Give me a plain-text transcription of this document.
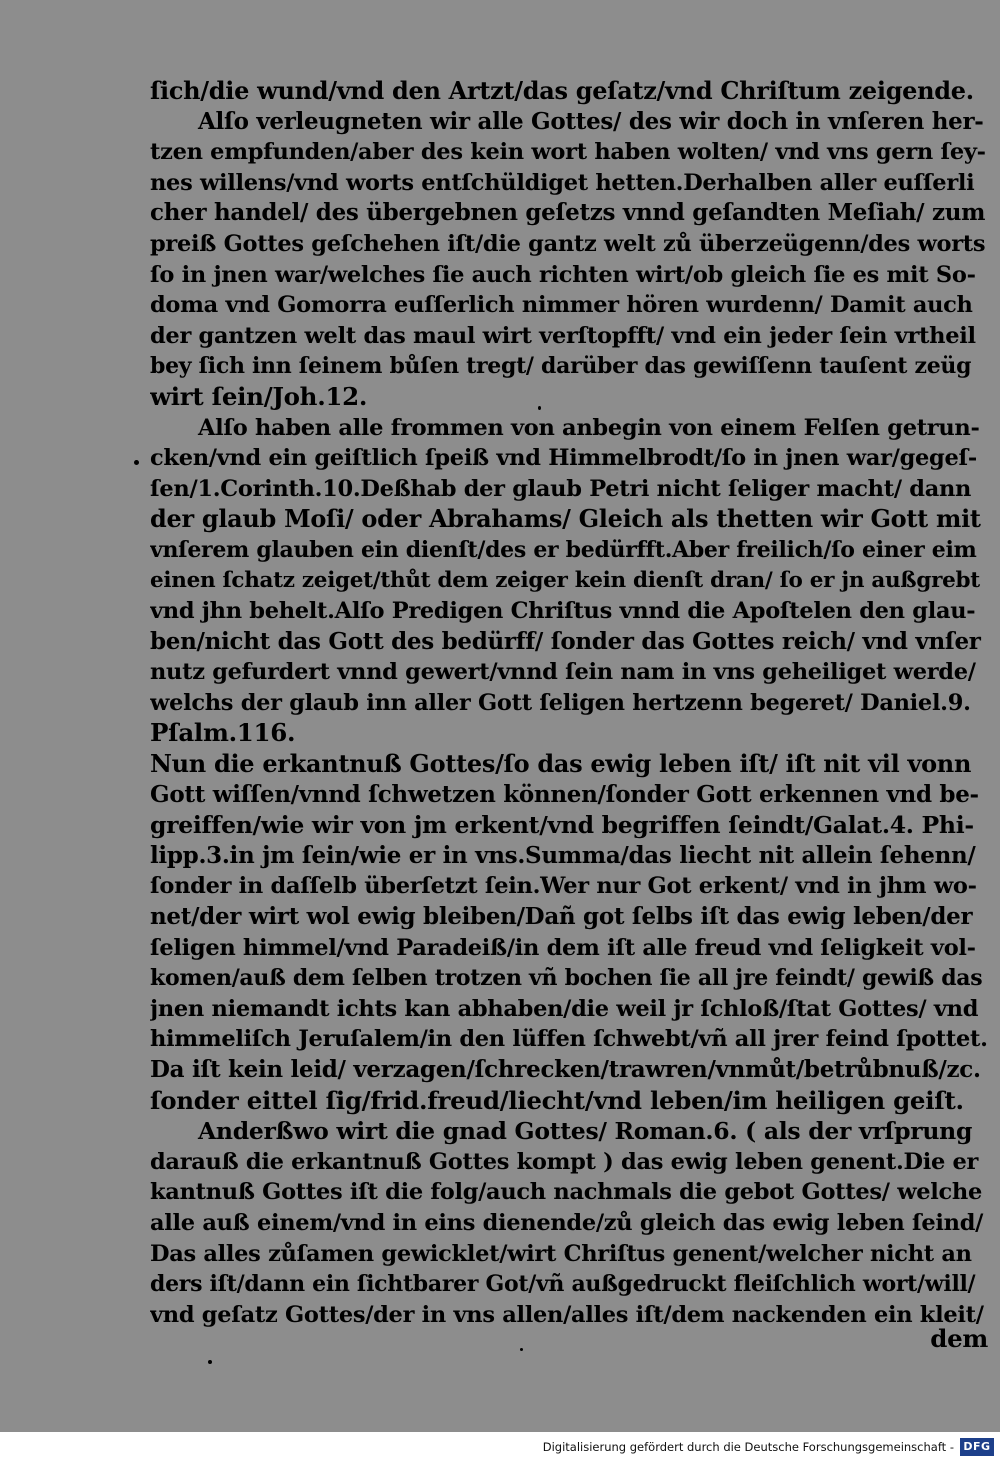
ſich/die wund/vnd den Artzt/das geſatz/vnd Chriſtum zeigende.
Alſo verleugneten wir alle Gottes/ des wir doch in vnſeren her-
tzen empfunden/aber des kein wort haben wolten/ vnd vns gern ſey-
nes willens/vnd worts entſchüldiget hetten.Derhalben aller euſſerli
cher handel/ des übergebnen geſetzs vnnd geſandten Meſiah/ zum
preiß Gottes geſchehen iſt/die gantz welt zů überzeügenn/des worts
ſo in jnen war/welches ſie auch richten wirt/ob gleich ſie es mit So-
doma vnd Gomorra euſſerlich nimmer hören wurdenn/ Damit auch
der gantzen welt das maul wirt verſtopfft/ vnd ein jeder ſein vrtheil
bey ſich inn ſeinem bůſen tregt/ darüber das gewiſſenn tauſent zeüg
wirt ſein/Joh.12.
Alſo haben alle frommen von anbegin von einem Felſen getrun-
cken/vnd ein geiſtlich ſpeiß vnd Himmelbrodt/ſo in jnen war/gegeſ-
ſen/1.Corinth.10.Deßhab der glaub Petri nicht ſeliger macht/ dann
der glaub Moſi/ oder Abrahams/ Gleich als thetten wir Gott mit
vnſerem glauben ein dienſt/des er bedürfft.Aber freilich/ſo einer eim
einen ſchatz zeiget/thůt dem zeiger kein dienſt dran/ ſo er jn außgrebt
vnd jhn behelt.Alſo Predigen Chriſtus vnnd die Apoſtelen den glau-
ben/nicht das Gott des bedürff/ ſonder das Gottes reich/ vnd vnſer
nutz gefurdert vnnd gewert/vnnd ſein nam in vns geheiliget werde/
welchs der glaub inn aller Gott ſeligen hertzenn begeret/ Daniel.9.
Pſalm.116.
Nun die erkantnuß Gottes/ſo das ewig leben iſt/ iſt nit vil vonn
Gott wiſſen/vnnd ſchwetzen können/ſonder Gott erkennen vnd be-
greiffen/wie wir von jm erkent/vnd begriffen ſeindt/Galat.4. Phi-
lipp.3.in jm ſein/wie er in vns.Summa/das liecht nit allein ſehenn/
ſonder in daſſelb überſetzt ſein.Wer nur Got erkent/ vnd in jhm wo-
net/der wirt wol ewig bleiben/Dañ got ſelbs iſt das ewig leben/der
ſeligen himmel/vnd Paradeiß/in dem iſt alle freud vnd ſeligkeit vol-
komen/auß dem ſelben trotzen vñ bochen ſie all jre feindt/ gewiß das
jnen niemandt ichts kan abhaben/die weil jr ſchloß/ſtat Gottes/ vnd
himmeliſch Jeruſalem/in den lüffen ſchwebt/vñ all jrer feind ſpottet.
Da iſt kein leid/ verzagen/ſchrecken/trawren/vnmůt/betrůbnuß/zc.
ſonder eittel ſig/frid.freud/liecht/vnd leben/im heiligen geiſt.
Anderßwo wirt die gnad Gottes/ Roman.6. ( als der vrſprung
darauß die erkantnuß Gottes kompt ) das ewig leben genent.Die er
kantnuß Gottes iſt die folg/auch nachmals die gebot Gottes/ welche
alle auß einem/vnd in eins dienende/zů gleich das ewig leben ſeind/
Das alles zůſamen gewicklet/wirt Chriſtus genent/welcher nicht an
ders iſt/dann ein ſichtbarer Got/vñ außgedruckt fleiſchlich wort/will/
vnd geſatz Gottes/der in vns allen/alles iſt/dem nackenden ein kleit/
dem
Digitalisierung gefördert durch die Deutsche Forschungsgemeinschaft - DFG
